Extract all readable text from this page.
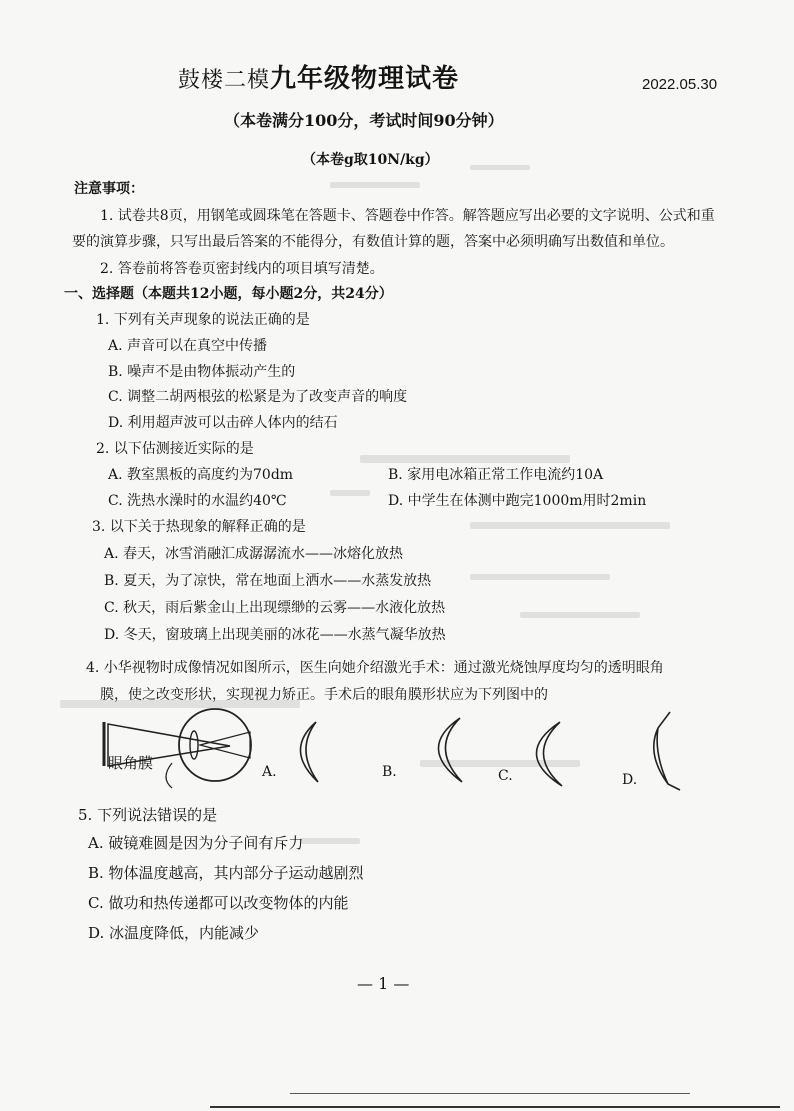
鼓楼二模九年级物理试卷	2022.05.30
（本卷满分100分，考试时间90分钟）
（本卷g取10N/kg）
注意事项：
1. 试卷共8页，用钢笔或圆珠笔在答题卡、答题卷中作答。解答题应写出必要的文字说明、公式和重
要的演算步骤，只写出最后答案的不能得分，有数值计算的题，答案中必须明确写出数值和单位。
2. 答卷前将答卷页密封线内的项目填写清楚。
一、选择题（本题共12小题，每小题2分，共24分）
1. 下列有关声现象的说法正确的是
A. 声音可以在真空中传播
B. 噪声不是由物体振动产生的
C. 调整二胡两根弦的松紧是为了改变声音的响度
D. 利用超声波可以击碎人体内的结石
2. 以下估测接近实际的是
A. 教室黑板的高度约为70dm	B. 家用电冰箱正常工作电流约10A
C. 洗热水澡时的水温约40℃	D. 中学生在体测中跑完1000m用时2min
3. 以下关于热现象的解释正确的是
A. 春天，冰雪消融汇成潺潺流水——冰熔化放热
B. 夏天，为了凉快，常在地面上洒水——水蒸发放热
C. 秋天，雨后紫金山上出现缥缈的云雾——水液化放热
D. 冬天，窗玻璃上出现美丽的冰花——水蒸气凝华放热
4. 小华视物时成像情况如图所示，医生向她介绍激光手术：通过激光烧蚀厚度均匀的透明眼角
膜，使之改变形状，实现视力矫正。手术后的眼角膜形状应为下列图中的
眼角膜	A.	B.	C.	D.
5. 下列说法错误的是
A. 破镜难圆是因为分子间有斥力
B. 物体温度越高，其内部分子运动越剧烈
C. 做功和热传递都可以改变物体的内能
D. 冰温度降低，内能减少
— 1 —
